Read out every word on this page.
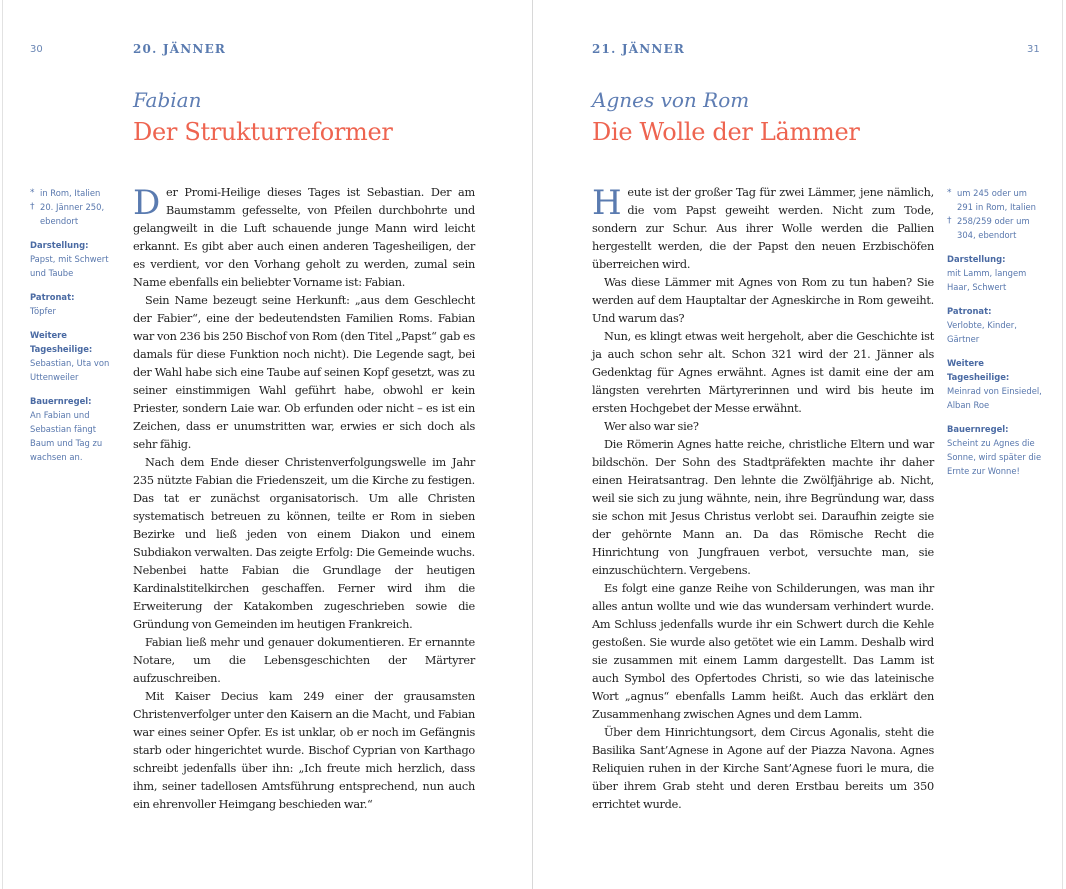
30	20. JÄNNER
Fabian
Der Strukturreformer
* in Rom, Italien
† 20. Jänner 250, ebendort
Darstellung:
Papst, mit Schwert und Taube
Patronat:
Töpfer
Weitere Tagesheilige:
Sebastian, Uta von Uttenweiler
Bauernregel:
An Fabian und Sebastian fängt Baum und Tag zu wachsen an.

Der Promi-Heilige dieses Tages ist Sebastian. Der am Baumstamm gefesselte, von Pfeilen durchbohrte und gelangweilt in die Luft schauende junge Mann wird leicht erkannt. Es gibt aber auch einen anderen Tagesheiligen, der es verdient, vor den Vorhang geholt zu werden, zumal sein Name ebenfalls ein beliebter Vorname ist: Fabian.

Sein Name bezeugt seine Herkunft: „aus dem Geschlecht der Fabier“, eine der bedeutendsten Familien Roms. Fabian war von 236 bis 250 Bischof von Rom (den Titel „Papst“ gab es damals für diese Funktion noch nicht). Die Legende sagt, bei der Wahl habe sich eine Taube auf seinen Kopf gesetzt, was zu seiner einstimmigen Wahl geführt habe, obwohl er kein Priester, sondern Laie war. Ob erfunden oder nicht – es ist ein Zeichen, dass er unumstritten war, erwies er sich doch als sehr fähig.

Nach dem Ende dieser Christenverfolgungswelle im Jahr 235 nützte Fabian die Friedenszeit, um die Kirche zu festigen. Das tat er zunächst organisatorisch. Um alle Christen systematisch betreuen zu können, teilte er Rom in sieben Bezirke und ließ jeden von einem Diakon und einem Subdiakon verwalten. Das zeigte Erfolg: Die Gemeinde wuchs. Nebenbei hatte Fabian die Grundlage der heutigen Kardinalstitelkirchen geschaffen. Ferner wird ihm die Erweiterung der Katakomben zugeschrieben sowie die Gründung von Gemeinden im heutigen Frankreich.

Fabian ließ mehr und genauer dokumentieren. Er ernannte Notare, um die Lebensgeschichten der Märtyrer aufzuschreiben.

Mit Kaiser Decius kam 249 einer der grausamsten Christenverfolger unter den Kaisern an die Macht, und Fabian war eines seiner Opfer. Es ist unklar, ob er noch im Gefängnis starb oder hingerichtet wurde. Bischof Cyprian von Karthago schreibt jedenfalls über ihn: „Ich freute mich herzlich, dass ihm, seiner tadellosen Amtsführung entsprechend, nun auch ein ehrenvoller Heimgang beschieden war.“

21. JÄNNER	31
Agnes von Rom
Die Wolle der Lämmer

Heute ist der großer Tag für zwei Lämmer, jene nämlich, die vom Papst geweiht werden. Nicht zum Tode, sondern zur Schur. Aus ihrer Wolle werden die Pallien hergestellt werden, die der Papst den neuen Erzbischöfen überreichen wird.

Was diese Lämmer mit Agnes von Rom zu tun haben? Sie werden auf dem Hauptaltar der Agneskirche in Rom geweiht. Und warum das?

Nun, es klingt etwas weit hergeholt, aber die Geschichte ist ja auch schon sehr alt. Schon 321 wird der 21. Jänner als Gedenktag für Agnes erwähnt. Agnes ist damit eine der am längsten verehrten Märtyrerinnen und wird bis heute im ersten Hochgebet der Messe erwähnt.

Wer also war sie?

Die Römerin Agnes hatte reiche, christliche Eltern und war bildschön. Der Sohn des Stadtpräfekten machte ihr daher einen Heiratsantrag. Den lehnte die Zwölfjährige ab. Nicht, weil sie sich zu jung wähnte, nein, ihre Begründung war, dass sie schon mit Jesus Christus verlobt sei. Daraufhin zeigte sie der gehörnte Mann an. Da das Römische Recht die Hinrichtung von Jungfrauen verbot, versuchte man, sie einzuschüchtern. Vergebens.

Es folgt eine ganze Reihe von Schilderungen, was man ihr alles antun wollte und wie das wundersam verhindert wurde. Am Schluss jedenfalls wurde ihr ein Schwert durch die Kehle gestoßen. Sie wurde also getötet wie ein Lamm. Deshalb wird sie zusammen mit einem Lamm dargestellt. Das Lamm ist auch Symbol des Opfertodes Christi, so wie das lateinische Wort „agnus“ ebenfalls Lamm heißt. Auch das erklärt den Zusammenhang zwischen Agnes und dem Lamm.

Über dem Hinrichtungsort, dem Circus Agonalis, steht die Basilika Sant’Agnese in Agone auf der Piazza Navona. Agnes Reliquien ruhen in der Kirche Sant’Agnese fuori le mura, die über ihrem Grab steht und deren Erstbau bereits um 350 errichtet wurde.

* um 245 oder um 291 in Rom, Italien
† 258/259 oder um 304, ebendort
Darstellung:
mit Lamm, langem Haar, Schwert
Patronat:
Verlobte, Kinder, Gärtner
Weitere Tagesheilige:
Meinrad von Einsiedel, Alban Roe
Bauernregel:
Scheint zu Agnes die Sonne, wird später die Ernte zur Wonne!
